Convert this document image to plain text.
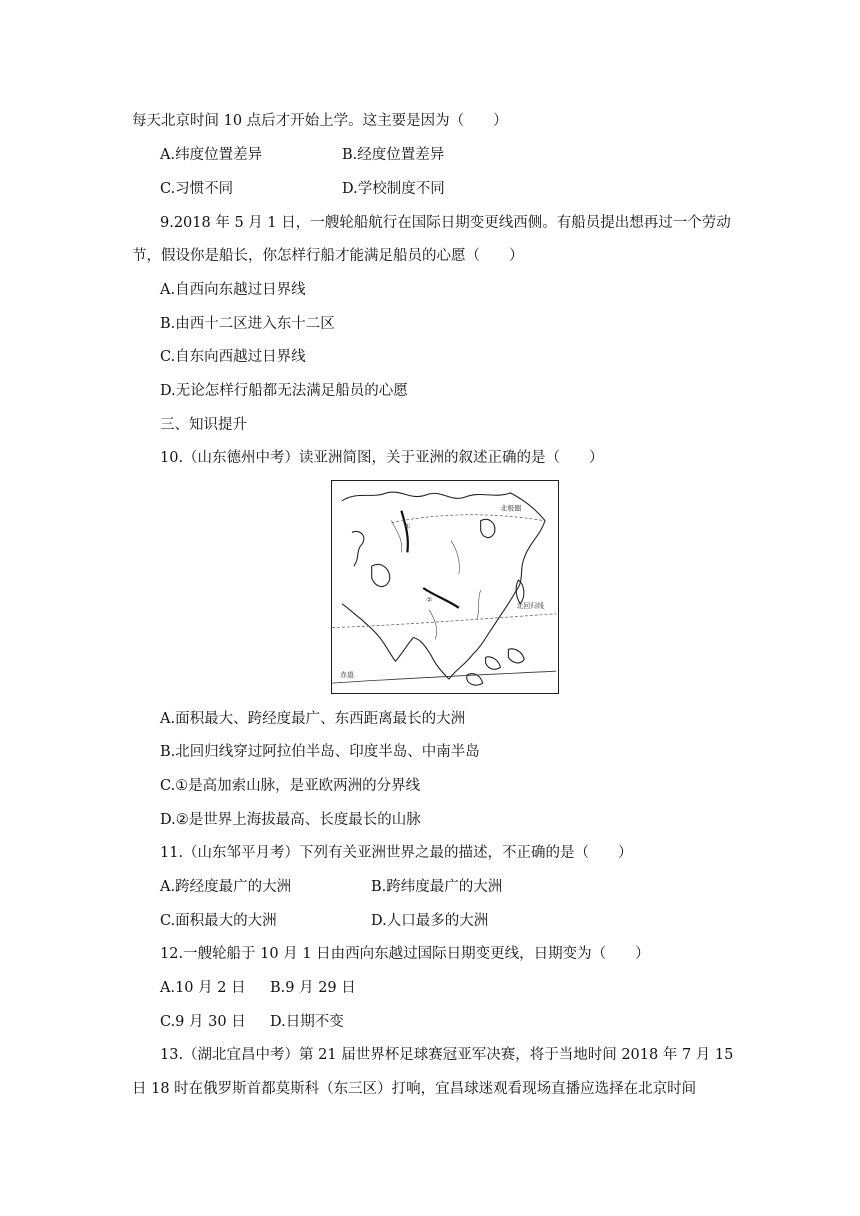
每天北京时间 10 点后才开始上学。这主要是因为（　　）
A.纬度位置差异	B.经度位置差异
C.习惯不同	D.学校制度不同
9.2018 年 5 月 1 日，一艘轮船航行在国际日期变更线西侧。有船员提出想再过一个劳动
节，假设你是船长，你怎样行船才能满足船员的心愿（　　）
A.自西向东越过日界线
B.由西十二区进入东十二区
C.自东向西越过日界线
D.无论怎样行船都无法满足船员的心愿
三、知识提升
10.（山东德州中考）读亚洲简图，关于亚洲的叙述正确的是（　　）
①
②
北极圈
北回归线
赤道
A.面积最大、跨经度最广、东西距离最长的大洲
B.北回归线穿过阿拉伯半岛、印度半岛、中南半岛
C.①是高加索山脉，是亚欧两洲的分界线
D.②是世界上海拔最高、长度最长的山脉
11.（山东邹平月考）下列有关亚洲世界之最的描述，不正确的是（　　）
A.跨经度最广的大洲	B.跨纬度最广的大洲
C.面积最大的大洲	D.人口最多的大洲
12.一艘轮船于 10 月 1 日由西向东越过国际日期变更线，日期变为（　　）
A.10 月 2 日 B.9 月 29 日
C.9 月 30 日 D.日期不变
13.（湖北宜昌中考）第 21 届世界杯足球赛冠亚军决赛，将于当地时间 2018 年 7 月 15
日 18 时在俄罗斯首都莫斯科（东三区）打响，宜昌球迷观看现场直播应选择在北京时间
